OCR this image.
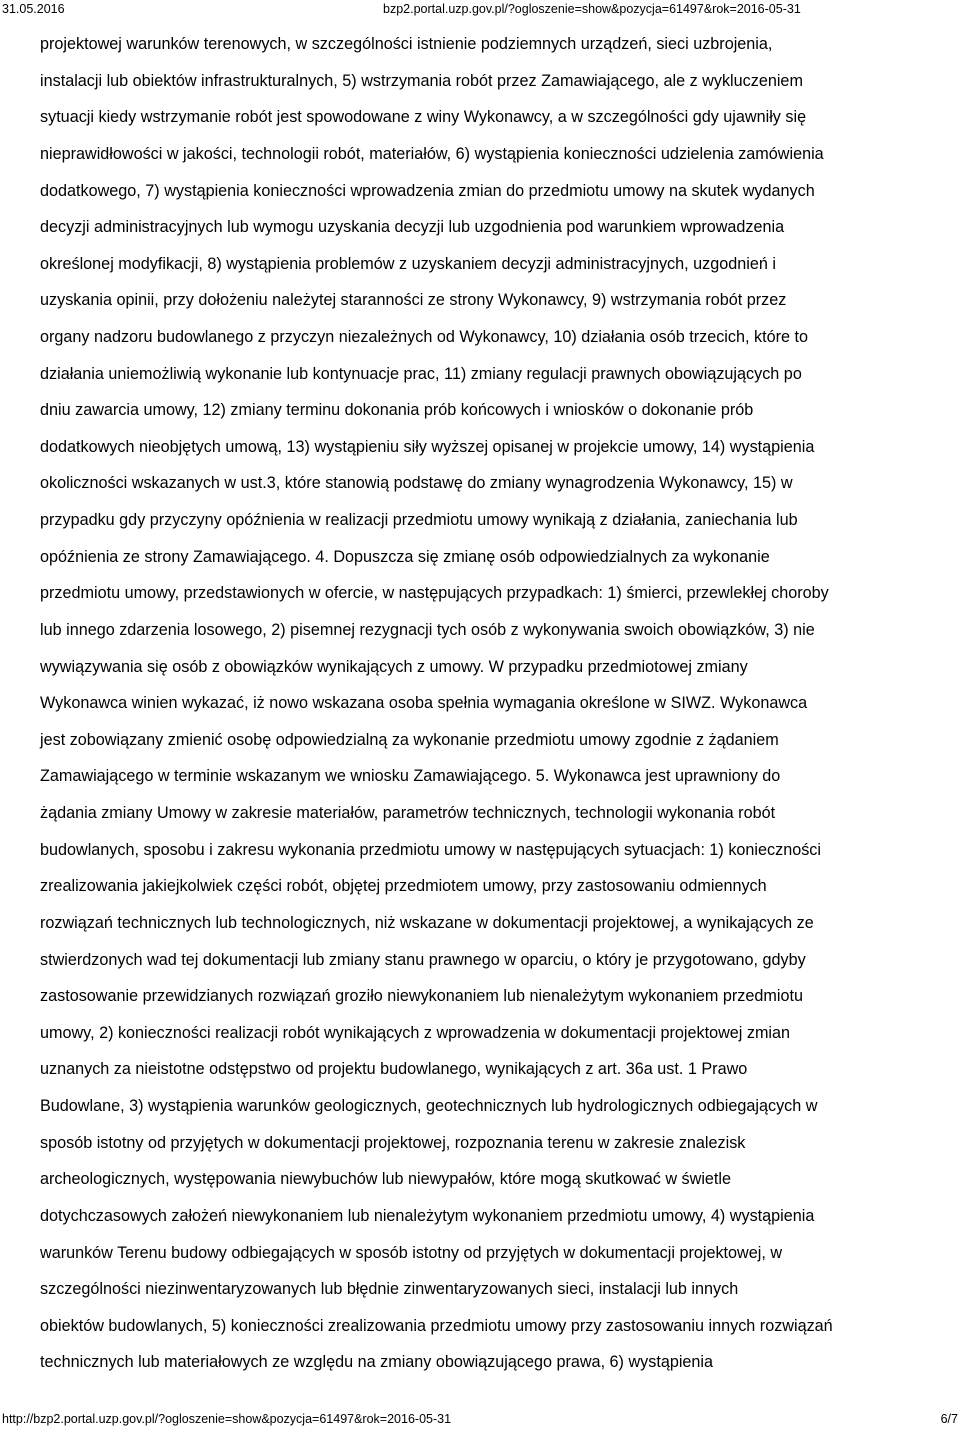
31.05.2016	bzp2.portal.uzp.gov.pl/?ogloszenie=show&pozycja=61497&rok=2016-05-31
projektowej warunków terenowych, w szczególności istnienie podziemnych urządzeń, sieci uzbrojenia,
instalacji lub obiektów infrastrukturalnych, 5) wstrzymania robót przez Zamawiającego, ale z wykluczeniem
sytuacji kiedy wstrzymanie robót jest spowodowane z winy Wykonawcy, a w szczególności gdy ujawniły się
nieprawidłowości w jakości, technologii robót, materiałów, 6) wystąpienia konieczności udzielenia zamówienia
dodatkowego, 7) wystąpienia konieczności wprowadzenia zmian do przedmiotu umowy na skutek wydanych
decyzji administracyjnych lub wymogu uzyskania decyzji lub uzgodnienia pod warunkiem wprowadzenia
określonej modyfikacji, 8) wystąpienia problemów z uzyskaniem decyzji administracyjnych, uzgodnień i
uzyskania opinii, przy dołożeniu należytej staranności ze strony Wykonawcy, 9) wstrzymania robót przez
organy nadzoru budowlanego z przyczyn niezależnych od Wykonawcy, 10) działania osób trzecich, które to
działania uniemożliwią wykonanie lub kontynuacje prac, 11) zmiany regulacji prawnych obowiązujących po
dniu zawarcia umowy, 12) zmiany terminu dokonania prób końcowych i wniosków o dokonanie prób
dodatkowych nieobjętych umową, 13) wystąpieniu siły wyższej opisanej w projekcie umowy, 14) wystąpienia
okoliczności wskazanych w ust.3, które stanowią podstawę do zmiany wynagrodzenia Wykonawcy, 15) w
przypadku gdy przyczyny opóźnienia w realizacji przedmiotu umowy wynikają z działania, zaniechania lub
opóźnienia ze strony Zamawiającego. 4. Dopuszcza się zmianę osób odpowiedzialnych za wykonanie
przedmiotu umowy, przedstawionych w ofercie, w następujących przypadkach: 1) śmierci, przewlekłej choroby
lub innego zdarzenia losowego, 2) pisemnej rezygnacji tych osób z wykonywania swoich obowiązków, 3) nie
wywiązywania się osób z obowiązków wynikających z umowy. W przypadku przedmiotowej zmiany
Wykonawca winien wykazać, iż nowo wskazana osoba spełnia wymagania określone w SIWZ. Wykonawca
jest zobowiązany zmienić osobę odpowiedzialną za wykonanie przedmiotu umowy zgodnie z żądaniem
Zamawiającego w terminie wskazanym we wniosku Zamawiającego. 5. Wykonawca jest uprawniony do
żądania zmiany Umowy w zakresie materiałów, parametrów technicznych, technologii wykonania robót
budowlanych, sposobu i zakresu wykonania przedmiotu umowy w następujących sytuacjach: 1) konieczności
zrealizowania jakiejkolwiek części robót, objętej przedmiotem umowy, przy zastosowaniu odmiennych
rozwiązań technicznych lub technologicznych, niż wskazane w dokumentacji projektowej, a wynikających ze
stwierdzonych wad tej dokumentacji lub zmiany stanu prawnego w oparciu, o który je przygotowano, gdyby
zastosowanie przewidzianych rozwiązań groziło niewykonaniem lub nienależytym wykonaniem przedmiotu
umowy, 2) konieczności realizacji robót wynikających z wprowadzenia w dokumentacji projektowej zmian
uznanych za nieistotne odstępstwo od projektu budowlanego, wynikających z art. 36a ust. 1 Prawo
Budowlane, 3) wystąpienia warunków geologicznych, geotechnicznych lub hydrologicznych odbiegających w
sposób istotny od przyjętych w dokumentacji projektowej, rozpoznania terenu w zakresie znalezisk
archeologicznych, występowania niewybuchów lub niewypałów, które mogą skutkować w świetle
dotychczasowych założeń niewykonaniem lub nienależytym wykonaniem przedmiotu umowy, 4) wystąpienia
warunków Terenu budowy odbiegających w sposób istotny od przyjętych w dokumentacji projektowej, w
szczególności niezinwentaryzowanych lub błędnie zinwentaryzowanych sieci, instalacji lub innych
obiektów budowlanych, 5) konieczności zrealizowania przedmiotu umowy przy zastosowaniu innych rozwiązań
technicznych lub materiałowych ze względu na zmiany obowiązującego prawa, 6) wystąpienia
http://bzp2.portal.uzp.gov.pl/?ogloszenie=show&pozycja=61497&rok=2016-05-31	6/7
